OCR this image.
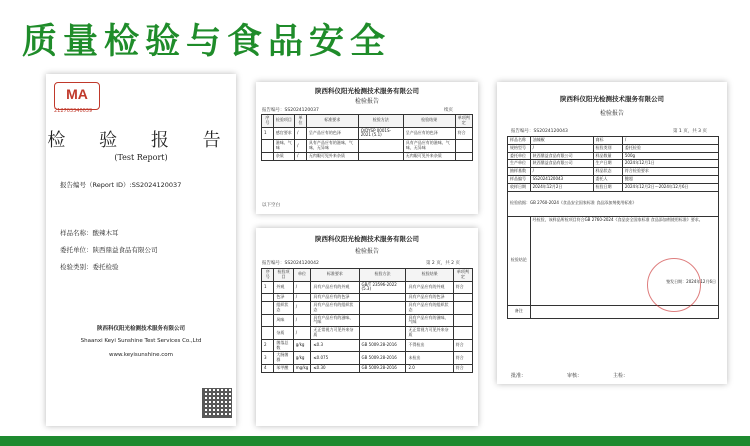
质量检验与食品安全
MA
212703340039
检 验 报 告
(Test Report)
报告编号（Report ID）:SS2024120037
样品名称：酸辣木耳
委托单位：陕西鼎益食品有限公司
检验类别：委托检验
陕西科仪阳光检测技术服务有限公司
Shaanxi Keyi Sunshine Test Services Co.,Ltd
www.keyisunshine.com
陕西科仪阳光检测技术服务有限公司
检验报告
报告编号：SS2024120037	续页
序号	检验项目	单位	标准要求	检验方法	检验结果	单项判定
1	感官要求	/	呈产品应有的色泽	Q/DYSP 0001S-2021 (5.1)	呈产品应有的色泽	符合
	滋味、气味	/	具有产品应有的滋味、气味，无异味		具有产品应有的滋味、气味，无异味	
	杂质	/	无肉眼可见外来杂质		无肉眼可见外来杂质	
以下空白
陕西科仪阳光检测技术服务有限公司
检验报告
报告编号：SS2024120042	第 2 页，共 2 页
序号	检验项目	单位	标准要求	检验方法	检验结果	单项判定
1	外观	/	具有产品应有的外观	GB/T 23596-2022 (5.3)	具有产品应有的外观	符合
	色泽	/	具有产品应有的色泽		具有产品应有的色泽	
	组织状态	/	具有产品应有的组织状态		具有产品应有的组织状态	
	风味	/	具有产品应有的滋味、气味		具有产品应有的滋味、气味	
	杂质	/	无正常视力可见外来杂质		无正常视力可见外来杂质	
2	菌落总数	g/kg	≤0.3	GB 5009.28-2016	不得检出	符合
3	大肠菌群	g/kg	≤0.075	GB 5009.28-2016	未检出	符合
4	苯甲酸	mg/kg	≤0.30	GB 5009.28-2016	2.0	符合
陕西科仪阳光检测技术服务有限公司
检验报告
报告编号：SS2024120043	第 1 页，共 3 页
样品名称	油辣椒	商标	/
规格型号	/	检验类别	委托检验
委托单位	陕西鼎益食品有限公司	样品数量	500g
生产单位	陕西鼎益食品有限公司	生产日期	2024年12月1日
抽样基数	/	样品状态	符合检验要求
样品编号	SS2024120043	委托人	鲍超
收样日期	2024年12月2日	检验日期	2024年12月2日～2024年12月6日
检验依据：GB 2760-2024《食品安全国家标准 食品添加剂使用标准》			
检验结论	经检验，该样品所检项目符合GB 2760-2024《食品安全国家标准 食品添加剂使用标准》要求。
签发日期：2024年12月6日		

备注			
批准：	审核：	主检：
